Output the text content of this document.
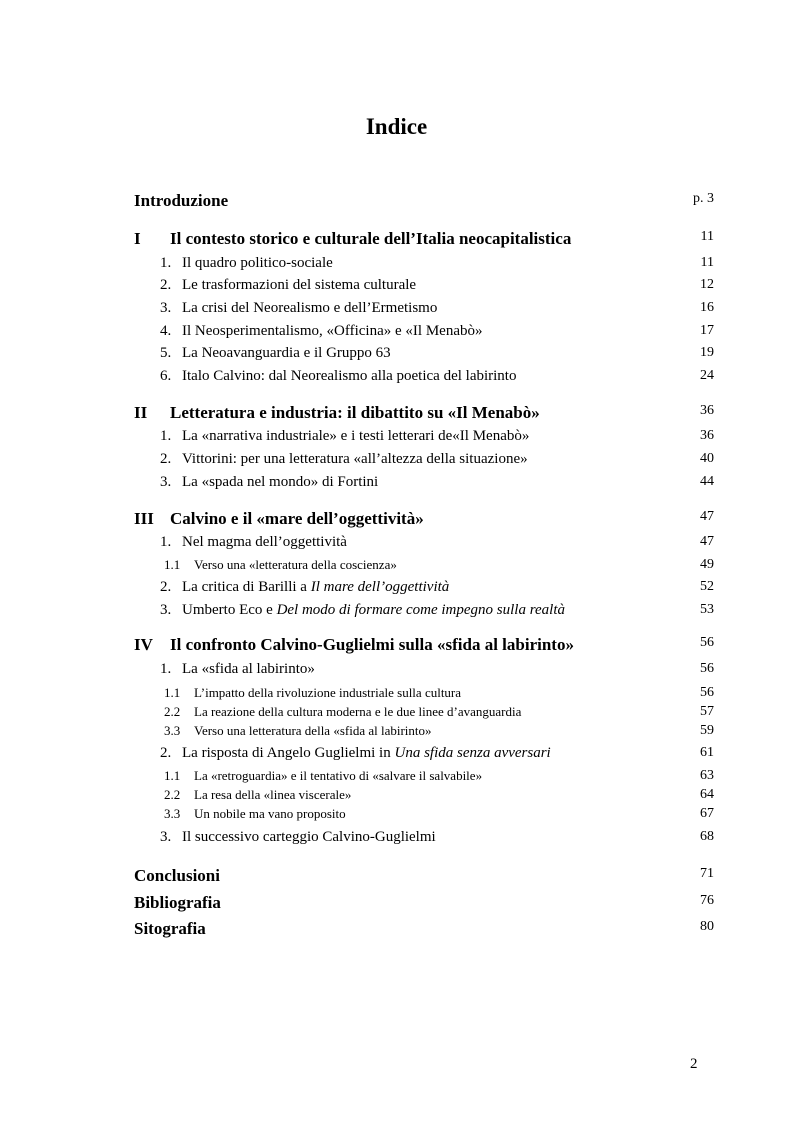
Indice
Introduzione	p. 3
I Il contesto storico e culturale dell’Italia neocapitalistica	11
1. Il quadro politico-sociale	11
2. Le trasformazioni del sistema culturale	12
3. La crisi del Neorealismo e dell’Ermetismo	16
4. Il Neosperimentalismo, «Officina» e «Il Menabò»	17
5. La Neoavanguardia e il Gruppo 63	19
6. Italo Calvino: dal Neorealismo alla poetica del labirinto	24
II Letteratura e industria: il dibattito su «Il Menabò»	36
1. La «narrativa industriale» e i testi letterari de«Il Menabò»	36
2. Vittorini: per una letteratura «all’altezza della situazione»	40
3. La «spada nel mondo» di Fortini	44
III Calvino e il «mare dell’oggettività»	47
1. Nel magma dell’oggettività	47
1.1 Verso una «letteratura della coscienza»	49
2. La critica di Barilli a Il mare dell’oggettività	52
3. Umberto Eco e Del modo di formare come impegno sulla realtà	53
IV Il confronto Calvino-Guglielmi sulla «sfida al labirinto»	56
1. La «sfida al labirinto»	56
1.1 L’impatto della rivoluzione industriale sulla cultura	56
2.2 La reazione della cultura moderna e le due linee d’avanguardia	57
3.3 Verso una letteratura della «sfida al labirinto»	59
2. La risposta di Angelo Guglielmi in Una sfida senza avversari	61
1.1 La «retroguardia» e il tentativo di «salvare il salvabile»	63
2.2 La resa della «linea viscerale»	64
3.3 Un nobile ma vano proposito	67
3. Il successivo carteggio Calvino-Guglielmi	68
Conclusioni	71
Bibliografia	76
Sitografia	80
2
